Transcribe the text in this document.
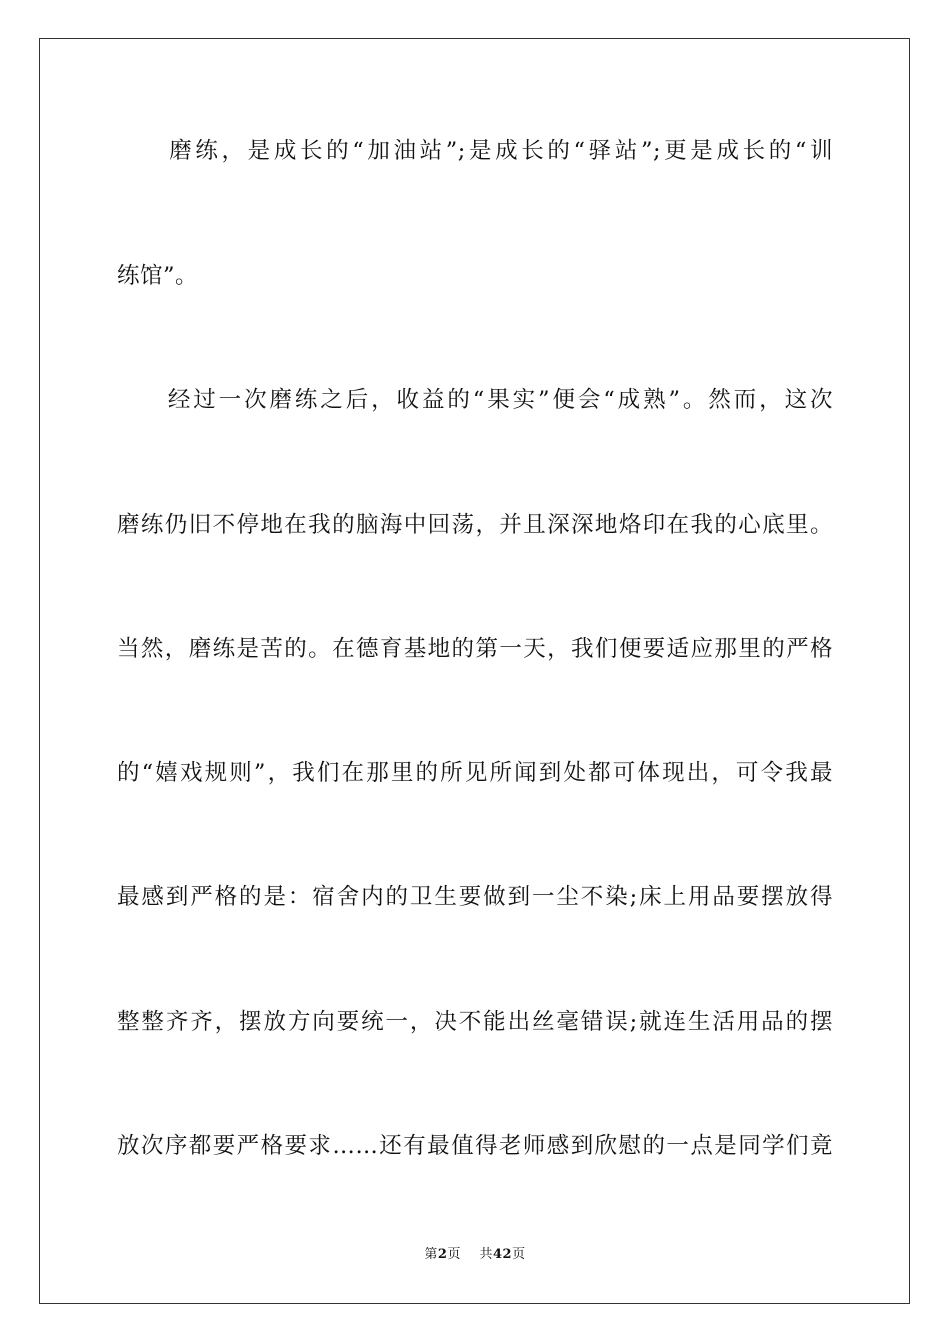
　　磨练，是成长的“加油站”;是成长的“驿站”;更是成长的“训
练馆”。
　　经过一次磨练之后，收益的“果实”便会“成熟”。然而，这次
磨练仍旧不停地在我的脑海中回荡，并且深深地烙印在我的心底里。
当然，磨练是苦的。在德育基地的第一天，我们便要适应那里的严格
的“嬉戏规则”，我们在那里的所见所闻到处都可体现出，可令我最
最感到严格的是：宿舍内的卫生要做到一尘不染;床上用品要摆放得
整整齐齐，摆放方向要统一，决不能出丝毫错误;就连生活用品的摆
放次序都要严格要求……还有最值得老师感到欣慰的一点是同学们竟
第2页 共42页
